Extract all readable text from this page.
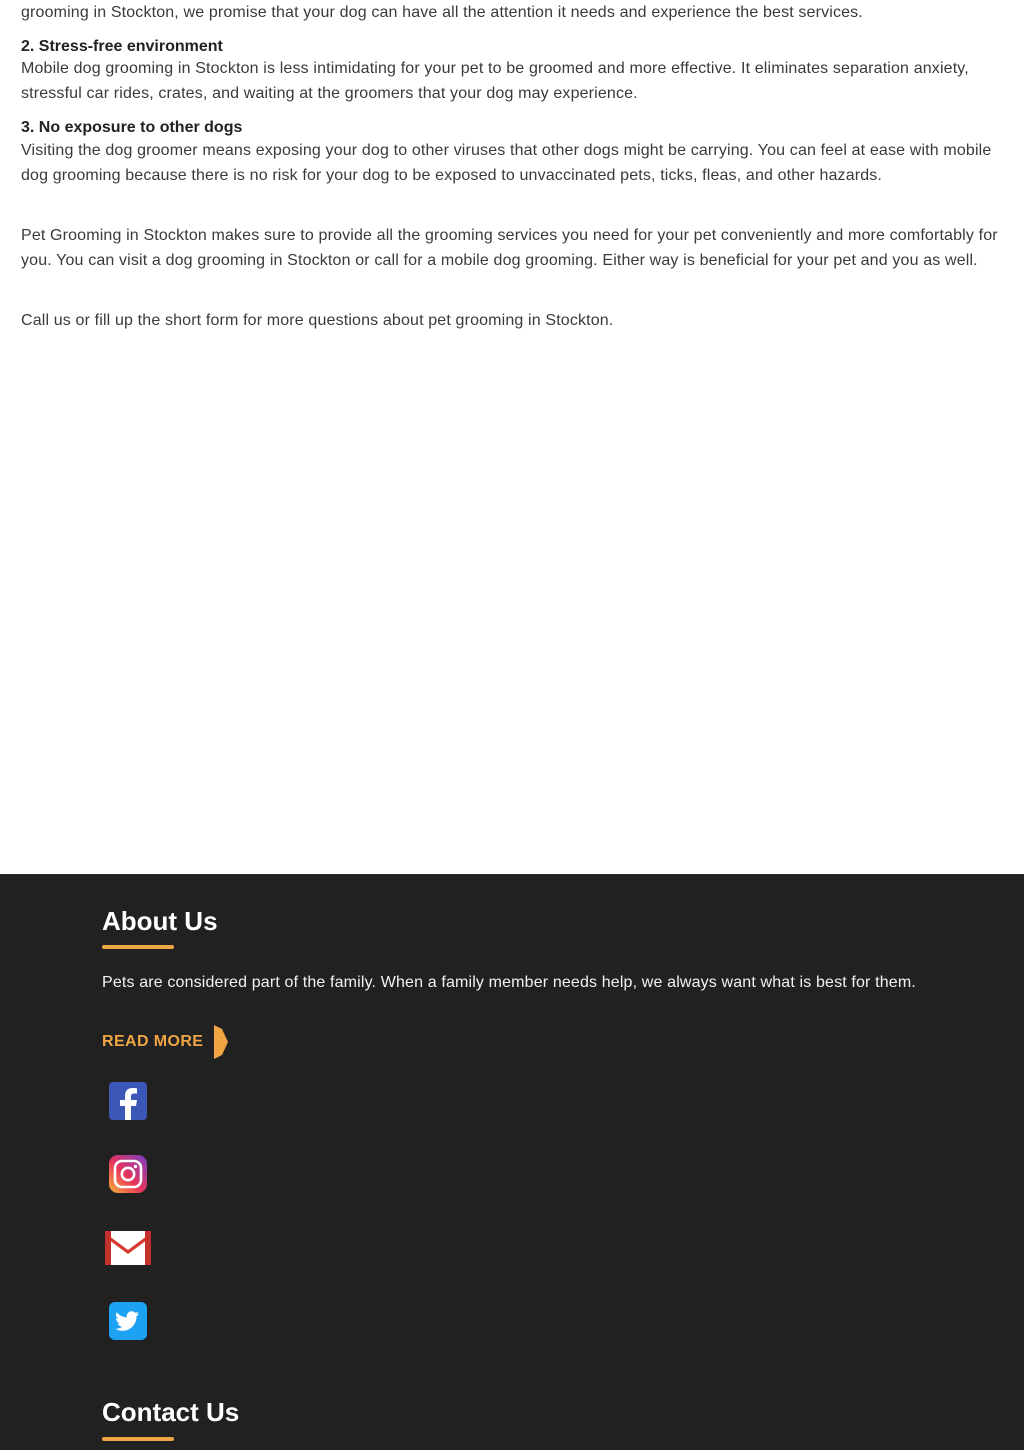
grooming in Stockton, we promise that your dog can have all the attention it needs and experience the best services.

2. Stress-free environment

Mobile dog grooming in Stockton is less intimidating for your pet to be groomed and more effective. It eliminates separation anxiety, stressful car rides, crates, and waiting at the groomers that your dog may experience.

3. No exposure to other dogs

Visiting the dog groomer means exposing your dog to other viruses that other dogs might be carrying. You can feel at ease with mobile dog grooming because there is no risk for your dog to be exposed to unvaccinated pets, ticks, fleas, and other hazards.

Pet Grooming in Stockton makes sure to provide all the grooming services you need for your pet conveniently and more comfortably for you. You can visit a dog grooming in Stockton or call for a mobile dog grooming. Either way is beneficial for your pet and you as well.

Call us or fill up the short form for more questions about pet grooming in Stockton.

About Us

Pets are considered part of the family. When a family member needs help, we always want what is best for them.

READ MORE
Contact Us
